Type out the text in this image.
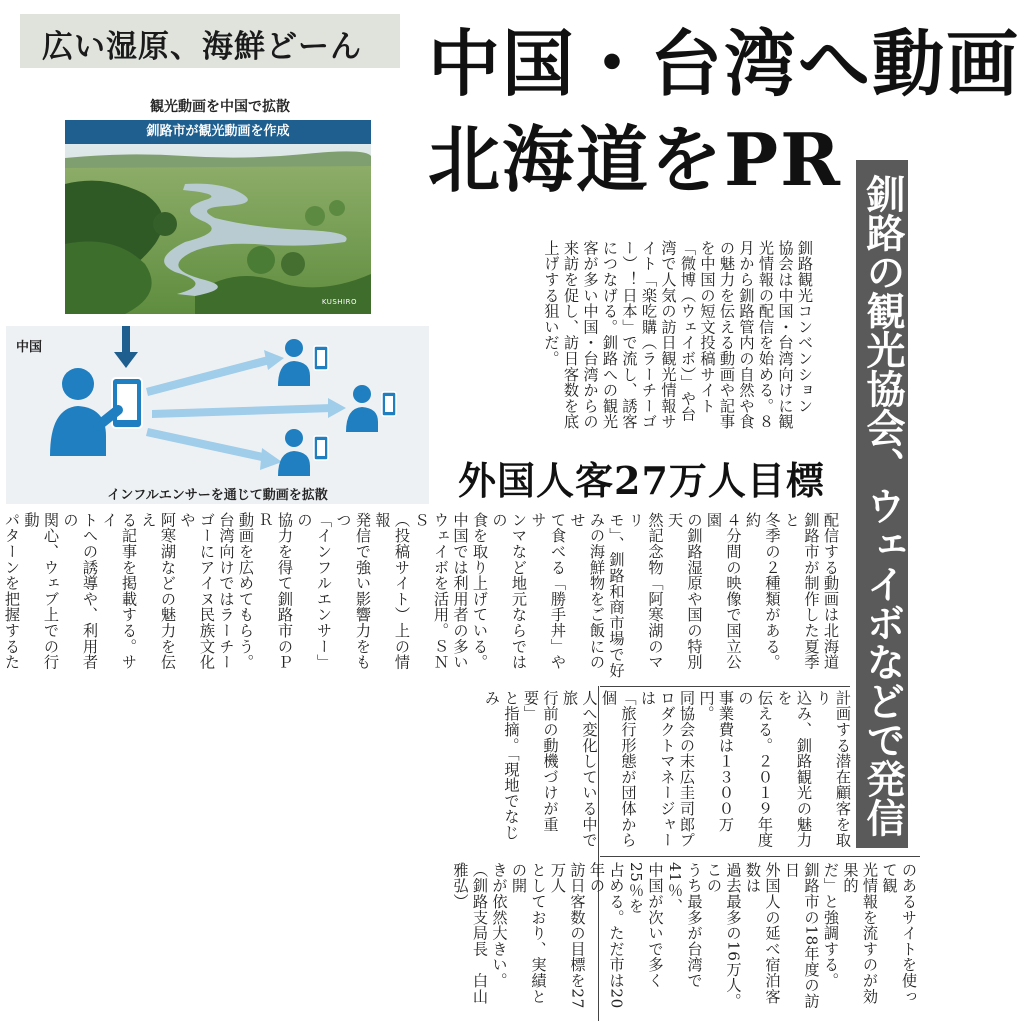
広い湿原、海鮮どーん 中国・台湾へ動画
北海道をPR
釧路の観光協会、ウェイボなどで発信
観光動画を中国で拡散
釧路市が観光動画を作成
KUSHIRO
中国
インフルエンサーを通じて動画を拡散	外国人客27万人目標
釧路観光コンベンション
協会は中国・台湾向けに観
光情報の配信を始める。８
月から釧路管内の自然や食
の魅力を伝える動画や記事
を中国の短文投稿サイト
「微博（ウェイボ）」や台
湾で人気の訪日観光情報サ
イト「楽吃購（ラーチーゴ
ー）！日本」で流し、誘客
につなげる。釧路への観光
客が多い中国・台湾からの
来訪を促し、訪日客数を底
上げする狙いだ。
配信する動画は北海道
釧路市が制作した夏季と
冬季の２種類がある。約
４分間の映像で国立公園
の釧路湿原や国の特別天
然記念物「阿寒湖のマリ
モ」、釧路和商市場で好
みの海鮮物をご飯にのせ
て食べる「勝手丼」やサ
ンマなど地元ならではの
食を取り上げている。
中国では利用者の多い
ウェイボを活用。ＳＮＳ
（投稿サイト）上の情報
発信で強い影響力をもつ
「インフルエンサー」の
協力を得て釧路市のＰＲ
動画を広めてもらう。
台湾向けではラーチー
ゴーにアイヌ民族文化や
阿寒湖などの魅力を伝え
る記事を掲載する。サイ
トへの誘導や、利用者の
関心、ウェブ上での行動
パターンを把握するた

計画する潜在顧客を取り
込み、釧路観光の魅力を
伝える。２０１９年度の
事業費は１３００万円。
同協会の末広圭司郎プ
ロダクトマネージャーは
「旅行形態が団体から個
人へ変化している中で旅
行前の動機づけが重要」
と指摘。「現地でなじみ
のあるサイトを使って観
光情報を流すのが効果的
だ」と強調する。
釧路市の18年度の訪日
外国人の延べ宿泊客数は
過去最多の16万人。この
うち最多が台湾で41％、
中国が次いで多く25％を
占める。ただ市は20年の
訪日客数の目標を27万人
としており、実績との開
きが依然大きい。
（釧路支局長　白山雅弘）
